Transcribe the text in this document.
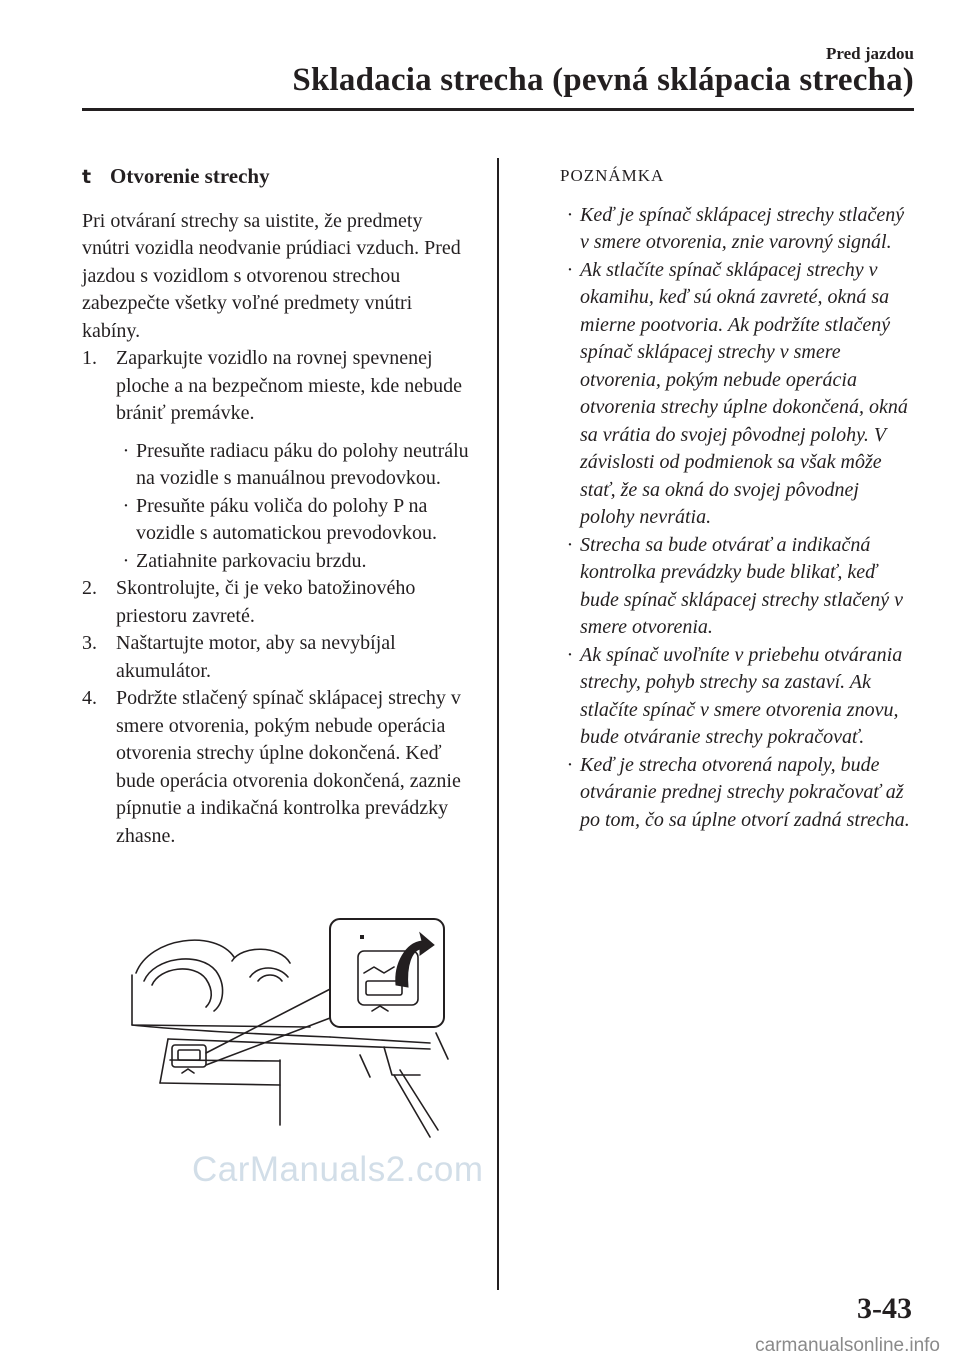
Pred jazdou
Skladacia strecha (pevná sklápacia strecha)
t Otvorenie strechy

Pri otváraní strechy sa uistite, že predmety vnútri vozidla neodvanie prúdiaci vzduch. Pred jazdou s vozidlom s otvorenou strechou zabezpečte všetky voľné predmety vnútri kabíny.

1. Zaparkujte vozidlo na rovnej spevnenej ploche a na bezpečnom mieste, kde nebude brániť premávke.
· Presuňte radiacu páku do polohy neutrálu na vozidle s manuálnou prevodovkou.
· Presuňte páku voliča do polohy P na vozidle s automatickou prevodovkou.
· Zatiahnite parkovaciu brzdu.
2. Skontrolujte, či je veko batožinového priestoru zavreté.
3. Naštartujte motor, aby sa nevybíjal akumulátor.
4. Podržte stlačený spínač sklápacej strechy v smere otvorenia, pokým nebude operácia otvorenia strechy úplne dokončená. Keď bude operácia otvorenia dokončená, zaznie pípnutie a indikačná kontrolka prevádzky zhasne.
POZNÁMKA
· Keď je spínač sklápacej strechy stlačený v smere otvorenia, znie varovný signál.
· Ak stlačíte spínač sklápacej strechy v okamihu, keď sú okná zavreté, okná sa mierne pootvoria. Ak podržíte stlačený spínač sklápacej strechy v smere otvorenia, pokým nebude operácia otvorenia strechy úplne dokončená, okná sa vrátia do svojej pôvodnej polohy. V závislosti od podmienok sa však môže stať, že sa okná do svojej pôvodnej polohy nevrátia.
· Strecha sa bude otvárať a indikačná kontrolka prevádzky bude blikať, keď bude spínač sklápacej strechy stlačený v smere otvorenia.
· Ak spínač uvoľníte v priebehu otvárania strechy, pohyb strechy sa zastaví. Ak stlačíte spínač v smere otvorenia znovu, bude otváranie strechy pokračovať.
· Keď je strecha otvorená napoly, bude otváranie prednej strechy pokračovať až po tom, čo sa úplne otvorí zadná strecha.
CarManuals2.com
3-43
carmanualsonline.info
